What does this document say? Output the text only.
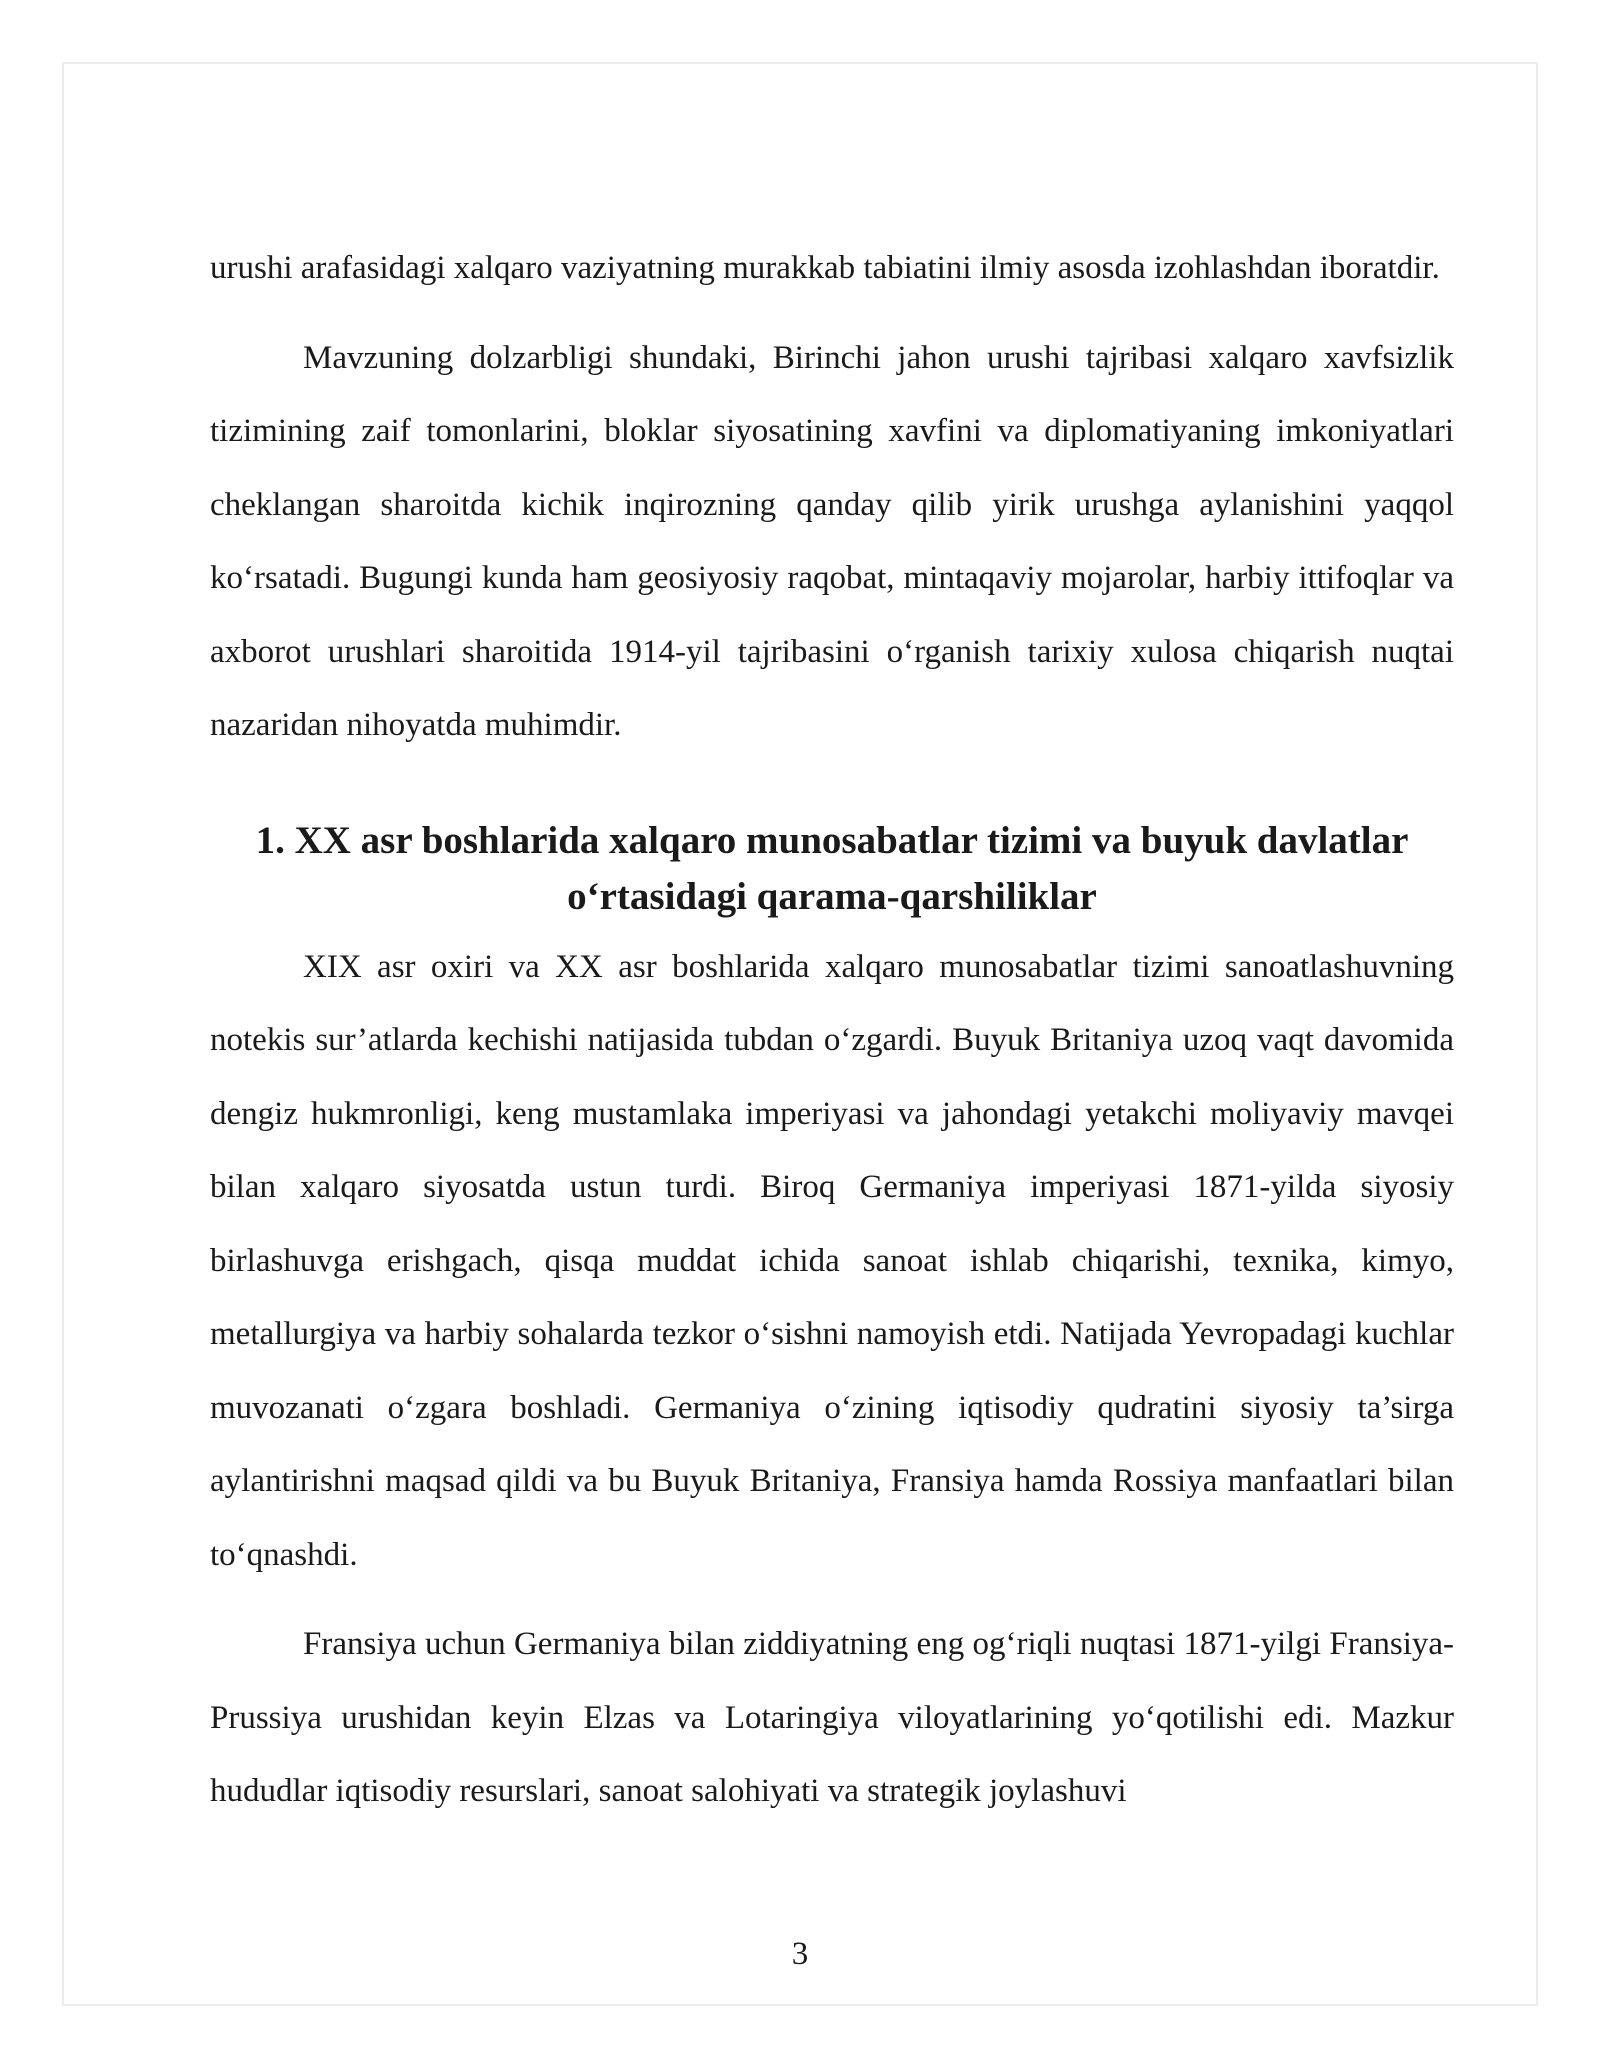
urushi arafasidagi xalqaro vaziyatning murakkab tabiatini ilmiy asosda izohlashdan iboratdir.

Mavzuning dolzarbligi shundaki, Birinchi jahon urushi tajribasi xalqaro xavfsizlik tizimining zaif tomonlarini, bloklar siyosatining xavfini va diplomatiyaning imkoniyatlari cheklangan sharoitda kichik inqirozning qanday qilib yirik urushga aylanishini yaqqol koʻrsatadi. Bugungi kunda ham geosiyosiy raqobat, mintaqaviy mojarolar, harbiy ittifoqlar va axborot urushlari sharoitida 1914-yil tajribasini oʻrganish tarixiy xulosa chiqarish nuqtai nazaridan nihoyatda muhimdir.

1. XX asr boshlarida xalqaro munosabatlar tizimi va buyuk davlatlar oʻrtasidagi qarama-qarshiliklar

XIX asr oxiri va XX asr boshlarida xalqaro munosabatlar tizimi sanoatlashuvning notekis sur’atlarda kechishi natijasida tubdan oʻzgardi. Buyuk Britaniya uzoq vaqt davomida dengiz hukmronligi, keng mustamlaka imperiyasi va jahondagi yetakchi moliyaviy mavqei bilan xalqaro siyosatda ustun turdi. Biroq Germaniya imperiyasi 1871-yilda siyosiy birlashuvga erishgach, qisqa muddat ichida sanoat ishlab chiqarishi, texnika, kimyo, metallurgiya va harbiy sohalarda tezkor oʻsishni namoyish etdi. Natijada Yevropadagi kuchlar muvozanati oʻzgara boshladi. Germaniya oʻzining iqtisodiy qudratini siyosiy ta’sirga aylantirishni maqsad qildi va bu Buyuk Britaniya, Fransiya hamda Rossiya manfaatlari bilan toʻqnashdi.

Fransiya uchun Germaniya bilan ziddiyatning eng ogʻriqli nuqtasi 1871-yilgi Fransiya-Prussiya urushidan keyin Elzas va Lotaringiya viloyatlarining yoʻqotilishi edi. Mazkur hududlar iqtisodiy resurslari, sanoat salohiyati va strategik joylashuvi

3
